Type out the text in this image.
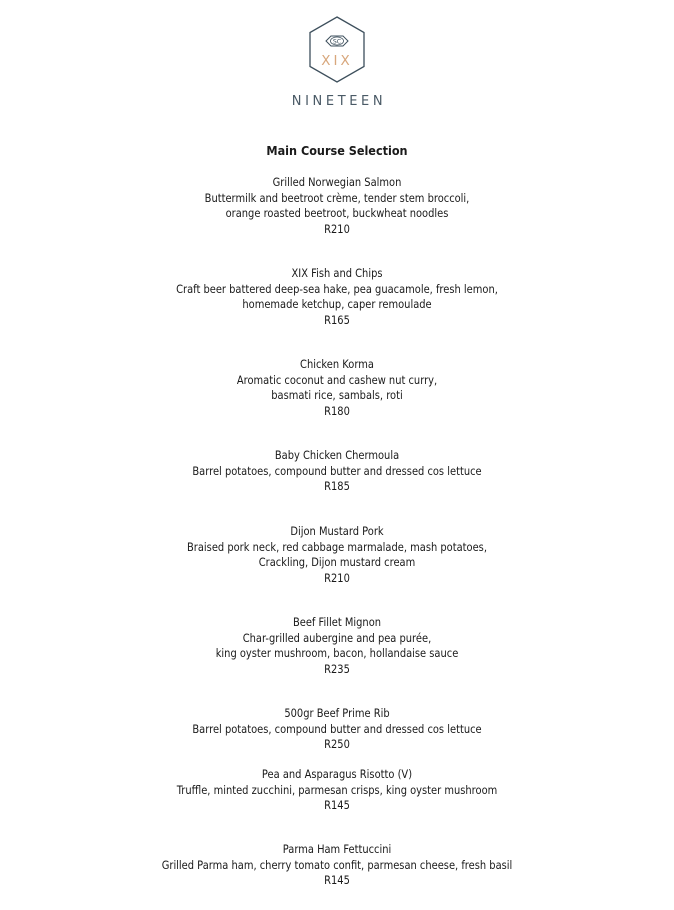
SC
XIX
NINETEEN
Main Course Selection
Grilled Norwegian Salmon
Buttermilk and beetroot crème, tender stem broccoli,
orange roasted beetroot, buckwheat noodles
R210
XIX Fish and Chips
Craft beer battered deep-sea hake, pea guacamole, fresh lemon,
homemade ketchup, caper remoulade
R165
Chicken Korma
Aromatic coconut and cashew nut curry,
basmati rice, sambals, roti
R180
Baby Chicken Chermoula
Barrel potatoes, compound butter and dressed cos lettuce
R185
Dijon Mustard Pork
Braised pork neck, red cabbage marmalade, mash potatoes,
Crackling, Dijon mustard cream
R210
Beef Fillet Mignon
Char-grilled aubergine and pea purée,
king oyster mushroom, bacon, hollandaise sauce
R235
500gr Beef Prime Rib
Barrel potatoes, compound butter and dressed cos lettuce
R250
Pea and Asparagus Risotto (V)
Truffle, minted zucchini, parmesan crisps, king oyster mushroom
R145
Parma Ham Fettuccini
Grilled Parma ham, cherry tomato confit, parmesan cheese, fresh basil
R145
